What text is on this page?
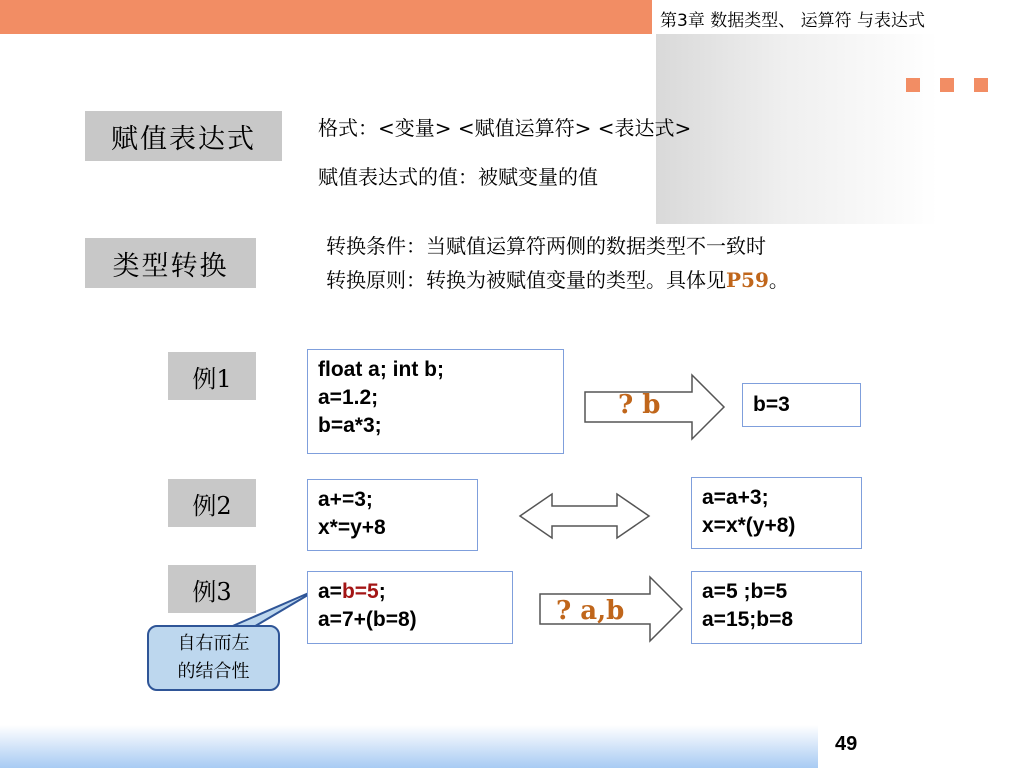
第3章 数据类型、 运算符 与表达式
赋值表达式	格式：<变量> <赋值运算符> <表达式>
赋值表达式的值：被赋变量的值
类型转换
转换条件：当赋值运算符两侧的数据类型不一致时
转换原则：转换为被赋值变量的类型。具体见P59。
例1	float a; int b;
a=1.2;
b=a*3;
? b	b=3
例2	a+=3;
x*=y+8
a=a+3;
x=x*(y+8)
例3	a=b=5;
a=7+(b=8)	? a,b
a=5 ;b=5
a=15;b=8
自右而左
的结合性
49
